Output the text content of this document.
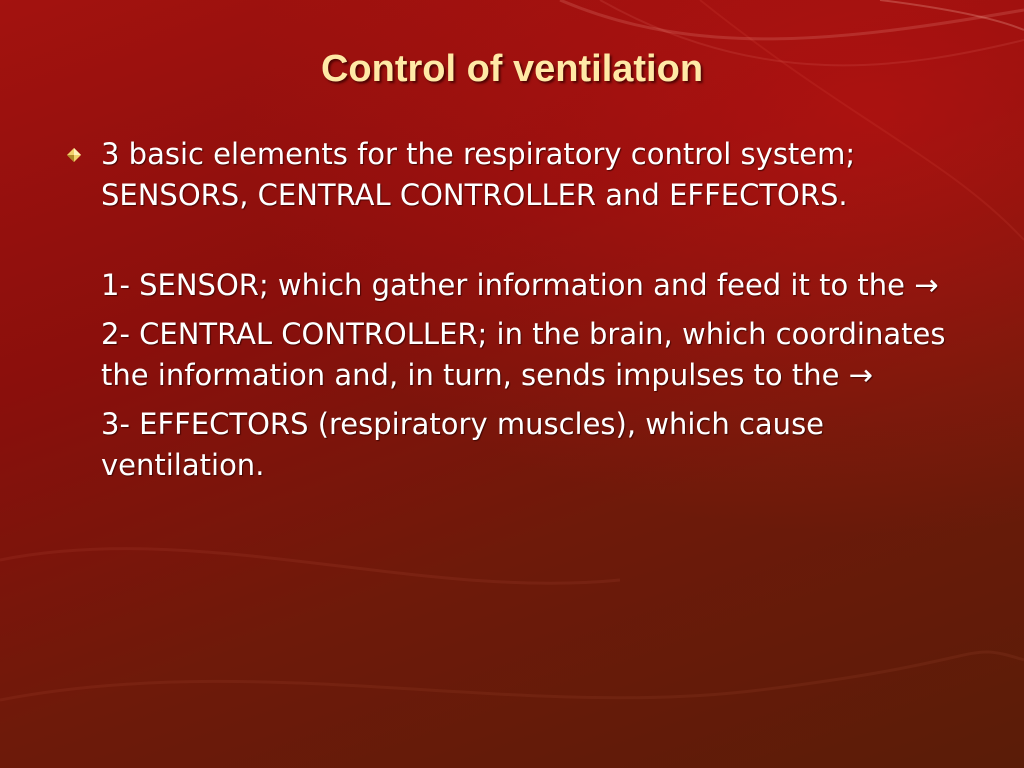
Control of ventilation
3 basic elements for the respiratory control system; SENSORS, CENTRAL CONTROLLER and EFFECTORS.
1- SENSOR; which gather information and feed it to the →
2- CENTRAL CONTROLLER; in the brain, which coordinates the information and, in turn, sends impulses to the →
3- EFFECTORS (respiratory muscles), which cause ventilation.
